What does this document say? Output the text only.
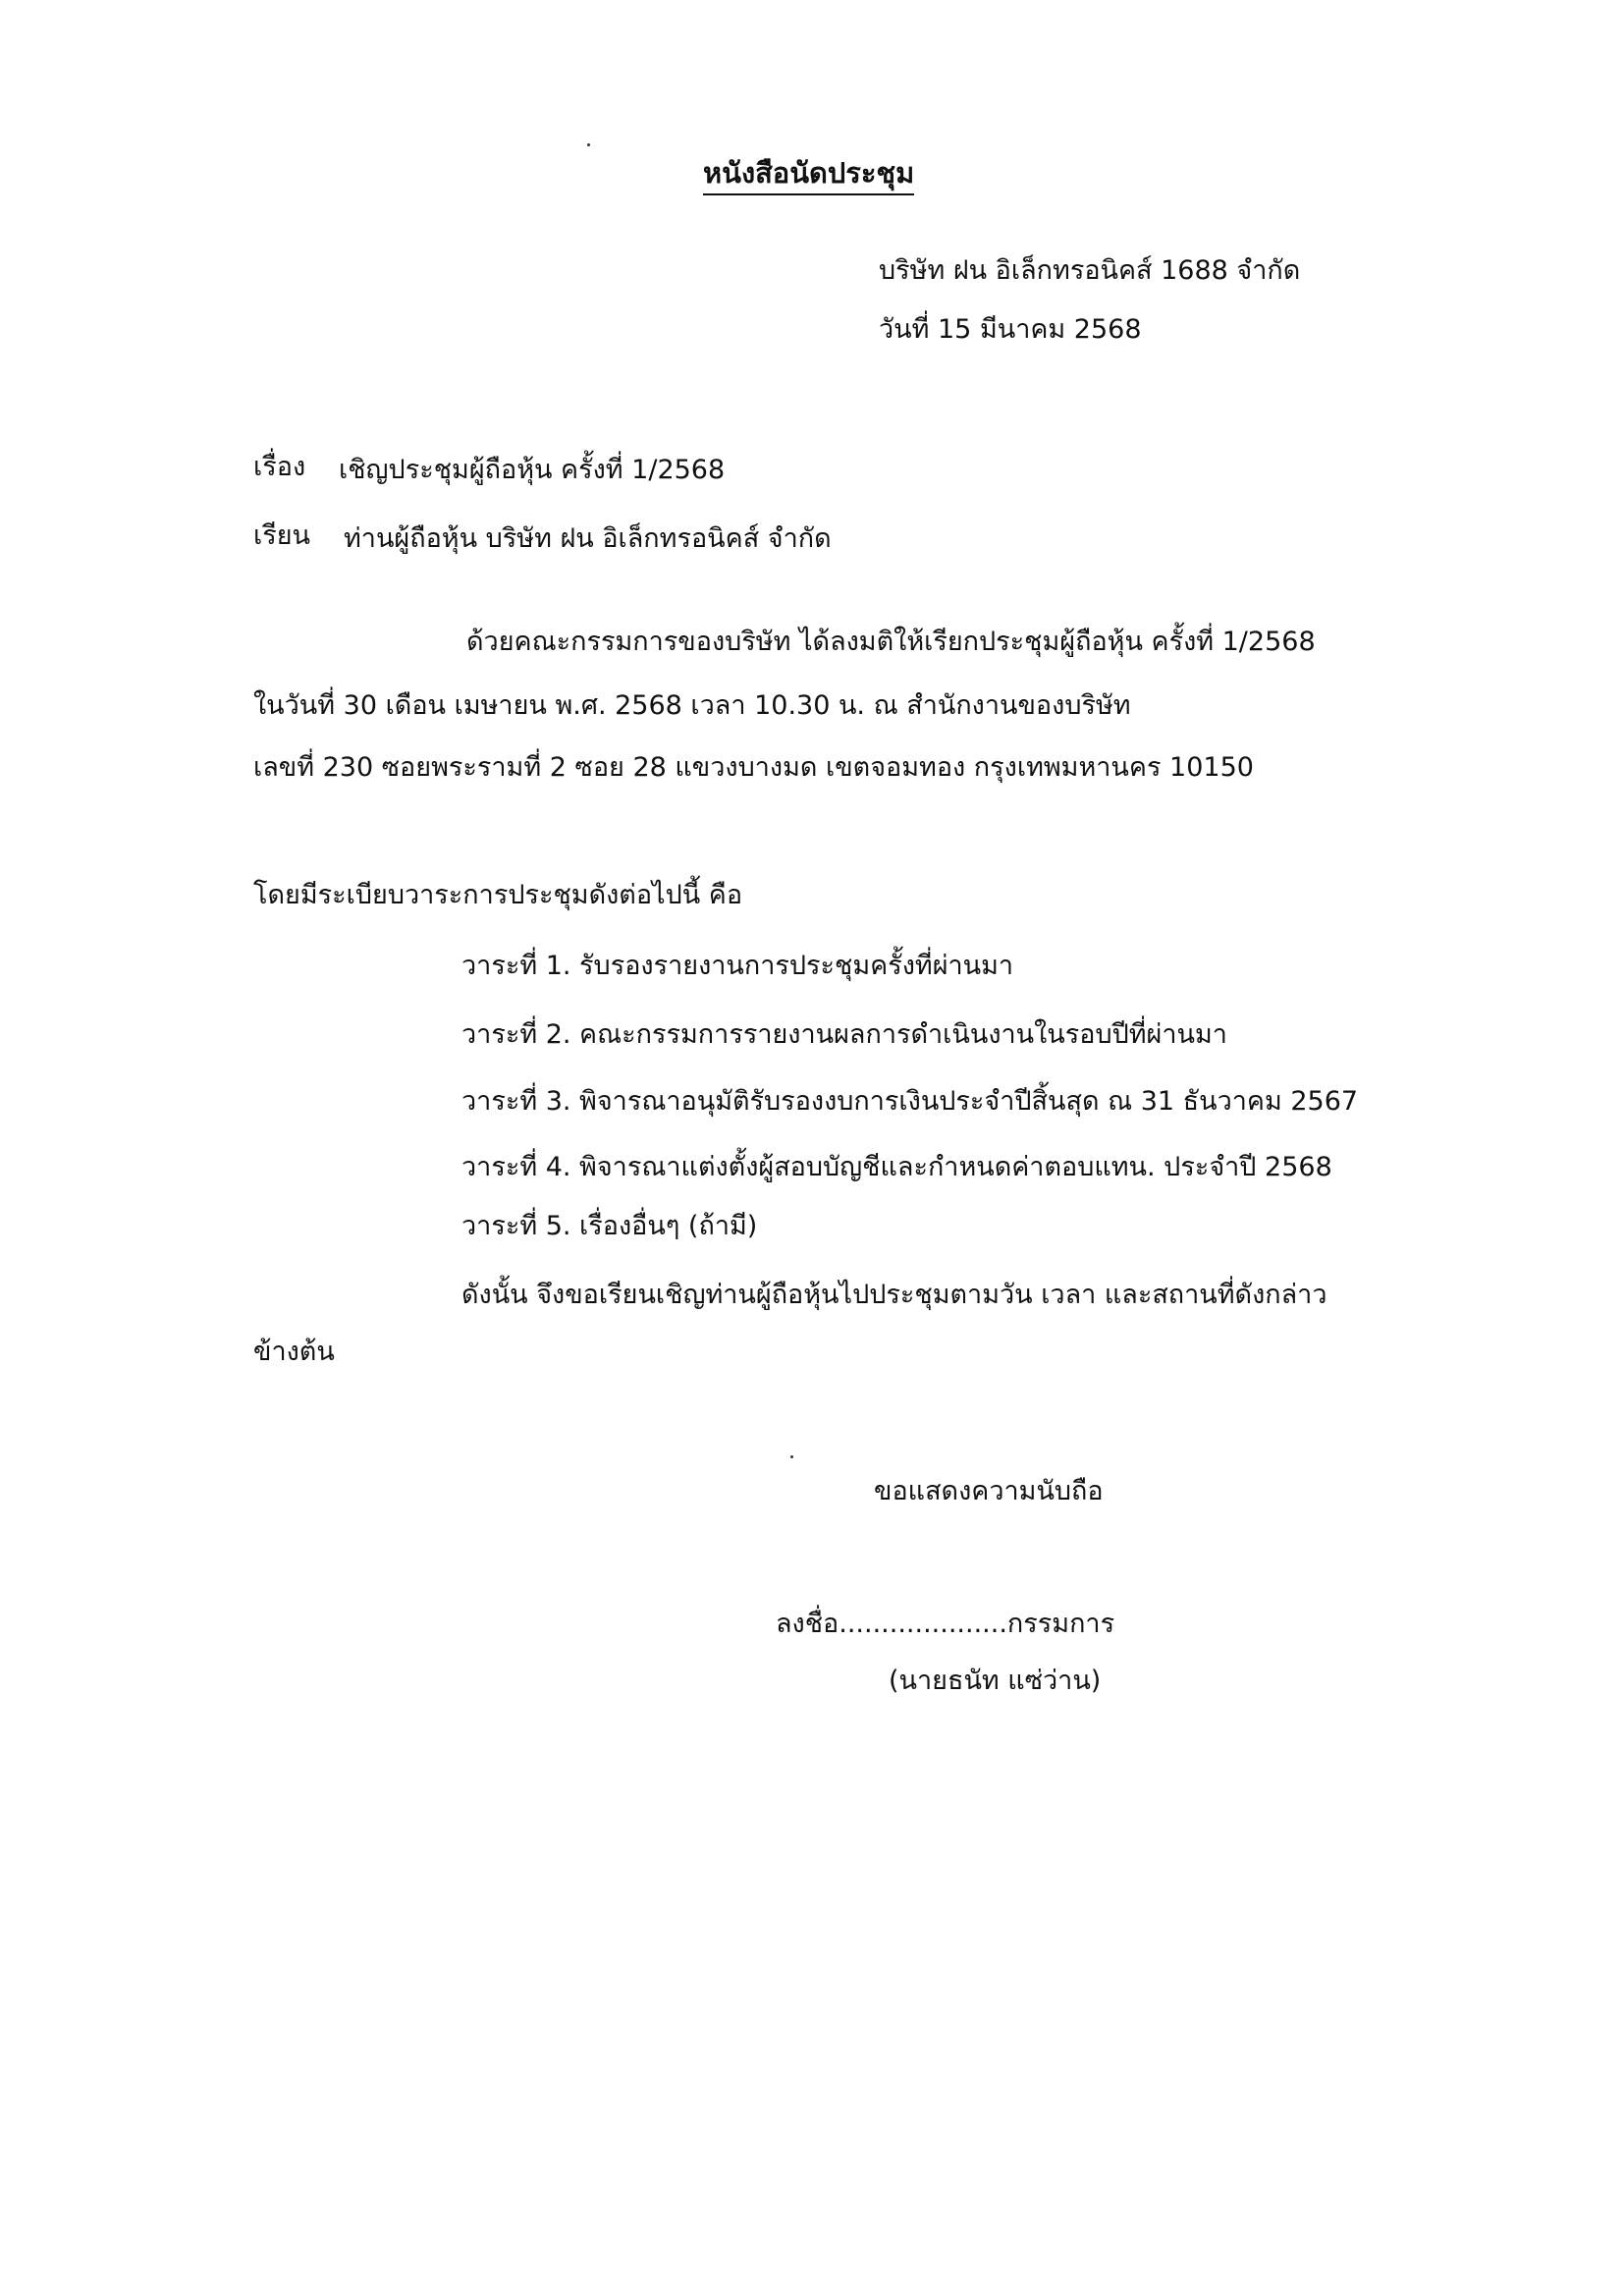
หนังสือนัดประชุม
บริษัท ฝน อิเล็กทรอนิคส์ 1688 จำกัด
วันที่ 15 มีนาคม 2568
เรื่อง เชิญประชุมผู้ถือหุ้น ครั้งที่ 1/2568
เรียน ท่านผู้ถือหุ้น บริษัท ฝน อิเล็กทรอนิคส์ จำกัด
ด้วยคณะกรรมการของบริษัท ได้ลงมติให้เรียกประชุมผู้ถือหุ้น ครั้งที่ 1/2568
ในวันที่ 30 เดือน เมษายน พ.ศ. 2568 เวลา 10.30 น. ณ สำนักงานของบริษัท
เลขที่ 230 ซอยพระรามที่ 2 ซอย 28 แขวงบางมด เขตจอมทอง กรุงเทพมหานคร 10150
โดยมีระเบียบวาระการประชุมดังต่อไปนี้ คือ
วาระที่ 1. รับรองรายงานการประชุมครั้งที่ผ่านมา
วาระที่ 2. คณะกรรมการรายงานผลการดำเนินงานในรอบปีที่ผ่านมา
วาระที่ 3. พิจารณาอนุมัติรับรองงบการเงินประจำปีสิ้นสุด ณ 31 ธันวาคม 2567
วาระที่ 4. พิจารณาแต่งตั้งผู้สอบบัญชีและกำหนดค่าตอบแทน. ประจำปี 2568
วาระที่ 5. เรื่องอื่นๆ (ถ้ามี)
ดังนั้น จึงขอเรียนเชิญท่านผู้ถือหุ้นไปประชุมตามวัน เวลา และสถานที่ดังกล่าว
ข้างต้น
ขอแสดงความนับถือ
ลงชื่อ....................กรรมการ
(นายธนัท แซ่ว่าน)
